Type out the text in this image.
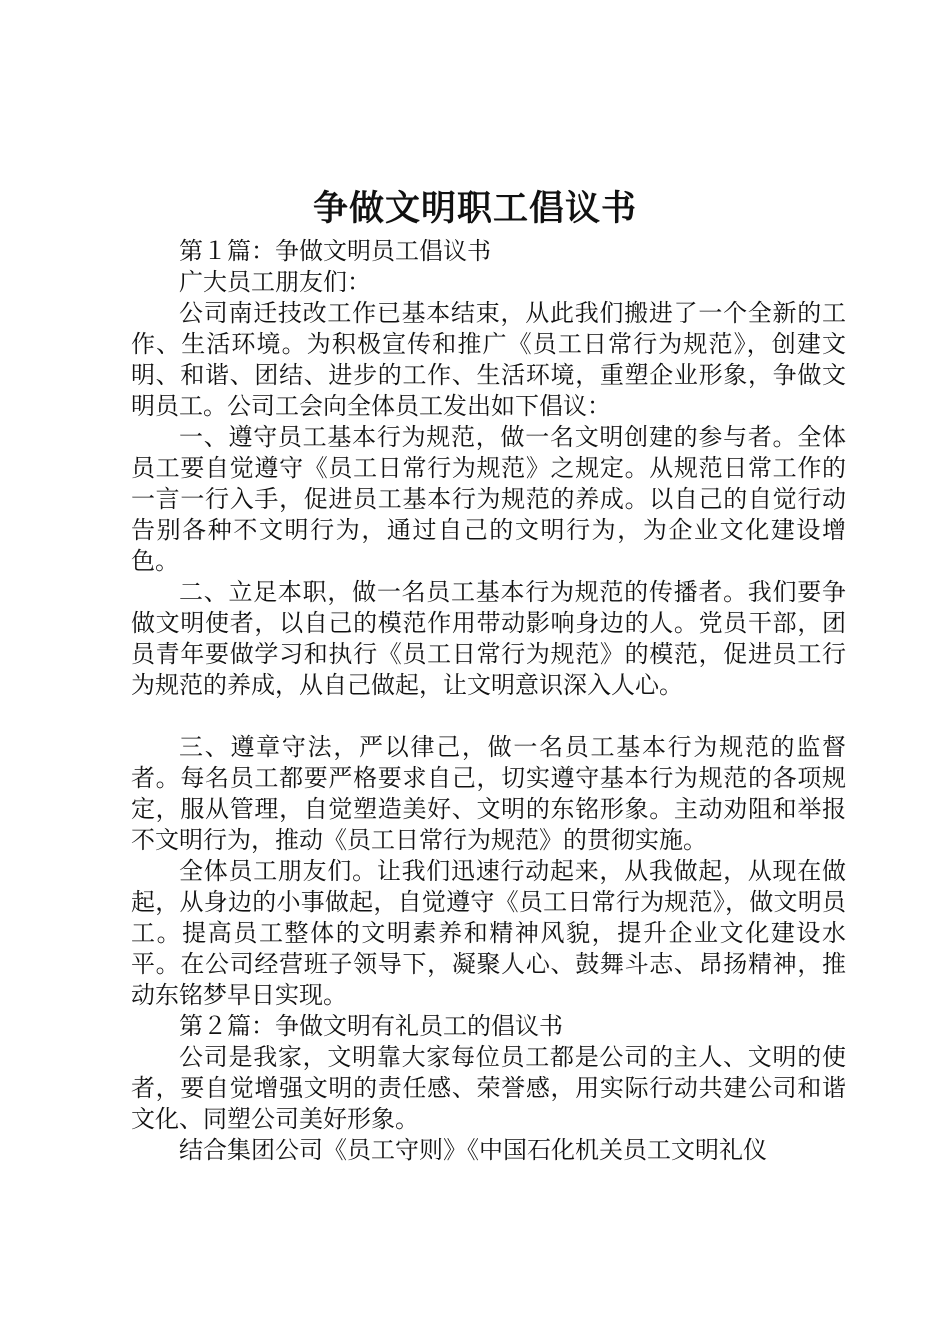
争做文明职工倡议书

第１篇：争做文明员工倡议书

广大员工朋友们：

公司南迁技改工作已基本结束，从此我们搬进了一个全新的工作、生活环境。为积极宣传和推广《员工日常行为规范》，创建文明、和谐、团结、进步的工作、生活环境，重塑企业形象，争做文明员工。公司工会向全体员工发出如下倡议：

一、遵守员工基本行为规范，做一名文明创建的参与者。全体员工要自觉遵守《员工日常行为规范》之规定。从规范日常工作的一言一行入手，促进员工基本行为规范的养成。以自己的自觉行动告别各种不文明行为，通过自己的文明行为，为企业文化建设增色。

二、立足本职，做一名员工基本行为规范的传播者。我们要争做文明使者，以自己的模范作用带动影响身边的人。党员干部，团员青年要做学习和执行《员工日常行为规范》的模范，促进员工行为规范的养成，从自己做起，让文明意识深入人心。

三、遵章守法，严以律己，做一名员工基本行为规范的监督者。每名员工都要严格要求自己，切实遵守基本行为规范的各项规定，服从管理，自觉塑造美好、文明的东铭形象。主动劝阻和举报不文明行为，推动《员工日常行为规范》的贯彻实施。

全体员工朋友们。让我们迅速行动起来，从我做起，从现在做起，从身边的小事做起，自觉遵守《员工日常行为规范》，做文明员工。提高员工整体的文明素养和精神风貌，提升企业文化建设水平。在公司经营班子领导下，凝聚人心、鼓舞斗志、昂扬精神，推动东铭梦早日实现。

第２篇：争做文明有礼员工的倡议书

公司是我家，文明靠大家每位员工都是公司的主人、文明的使者，要自觉增强文明的责任感、荣誉感，用实际行动共建公司和谐文化、同塑公司美好形象。

结合集团公司《员工守则》《中国石化机关员工文明礼仪
